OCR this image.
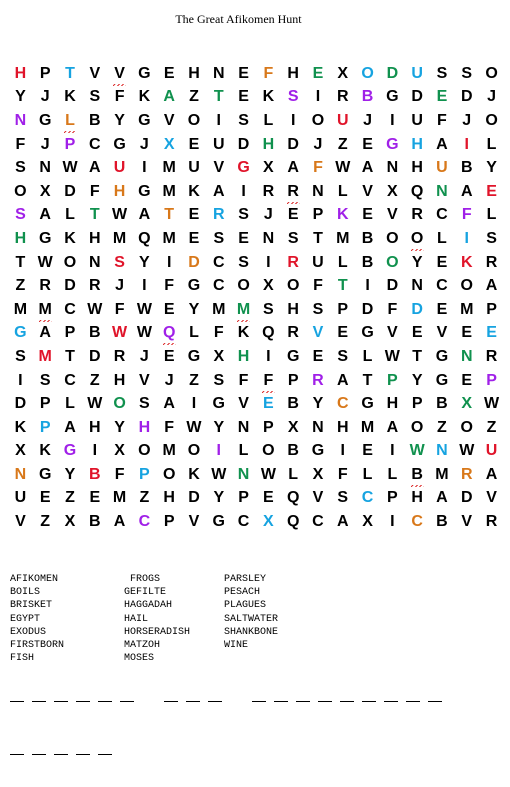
The Great Afikomen Hunt
H P T V V G E H N E F H E X O D U S S O
Y J K S F K A Z T E K S	I	R B G D E D J
N G L B Y G V O	I	S L	I	O U J	I	U F J O
F J P C G J X E U D H D J Z E G H A	I	L
S N W A U	I M U V G X A F W A N H U B Y
O X D F H G M K A	I	R R N L V X Q N A E
S A L T W A T E R S J E P K E V R C F L
H G K H M Q M E S E N S T M B O O L	I	S
T W O N S Y	I	D C S	I	R U L B O Y E K R
Z R D R J	I	F G C O X O F T	I	D N C O A
M M C W F W E Y M M S H S P D F D E M P
G A P B W W Q L F K Q R V E G V E V E E
S M T D R J E G X H	I	G E S L W T G N R
I	S C Z H V J Z S F F P R A T P Y G E P
D P L W O S A	I	G V E B Y C G H P B X W
K P A H Y H F W Y N P X N H M A O Z O Z
X K G	I	X O M O	I	L O B G	I	E	I W N W U
N G Y B F P O K W N W L X F L L B M R A
U E Z E M Z H D Y P E Q V S C P H A D V
V Z X B A C P V G C X Q C A X	I	C B V R
AFIKOMEN
BOILS
BRISKET
EGYPT
EXODUS
FIRSTBORN
FISH
FROGS
GEFILTE
HAGGADAH
HAIL
HORSERADISH
MATZOH
MOSES
PARSLEY
PESACH
PLAGUES
SALTWATER
SHANKBONE
WINE
